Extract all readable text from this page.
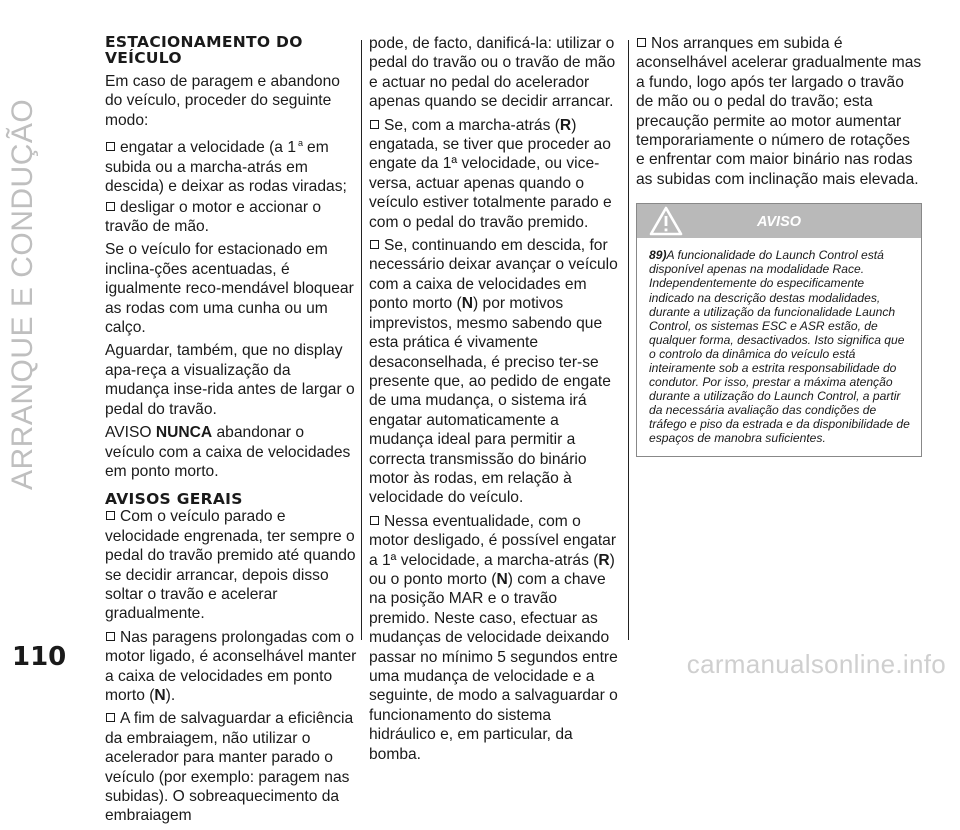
ARRANQUE E CONDUÇÃO
ESTACIONAMENTO DO
VEÍCULO

Em caso de paragem e abandono do veículo, proceder do seguinte modo:

engatar a velocidade (a 1 $^a$ em subida ou a marcha-atrás em descida) e deixar as rodas viradas;

desligar o motor e accionar o travão de mão.

Se o veículo for estacionado em inclina-ções acentuadas, é igualmente reco-mendável bloquear as rodas com uma cunha ou um calço.

Aguardar, também, que no display apa-reça a visualização da mudança inse-rida antes de largar o pedal do travão.

AVISO NUNCA abandonar o veículo com a caixa de velocidades em ponto morto.

AVISOS GERAIS

Com o veículo parado e velocidade engrenada, ter sempre o pedal do travão premido até quando se decidir arrancar, depois disso soltar o travão e acelerar gradualmente.

Nas paragens prolongadas com o motor ligado, é aconselhável manter a caixa de velocidades em ponto morto (N).

A fim de salvaguardar a eficiência da embraiagem, não utilizar o acelerador para manter parado o veículo (por exemplo: paragem nas subidas). O sobreaquecimento da embraiagem

pode, de facto, danificá-la: utilizar o pedal do travão ou o travão de mão e actuar no pedal do acelerador apenas quando se decidir arrancar.

Se, com a marcha-atrás (R) engatada, se tiver que proceder ao engate da 1ª velocidade, ou vice-versa, actuar apenas quando o veículo estiver totalmente parado e com o pedal do travão premido.

Se, continuando em descida, for necessário deixar avançar o veículo com a caixa de velocidades em ponto morto (N) por motivos imprevistos, mesmo sabendo que esta prática é vivamente desaconselhada, é preciso ter-se presente que, ao pedido de engate de uma mudança, o sistema irá engatar automaticamente a mudança ideal para permitir a correcta transmissão do binário motor às rodas, em relação à velocidade do veículo.

Nessa eventualidade, com o motor desligado, é possível engatar a 1ª velocidade, a marcha-atrás (R) ou o ponto morto (N) com a chave na posição MAR e o travão premido. Neste caso, efectuar as mudanças de velocidade deixando passar no mínimo 5 segundos entre uma mudança de velocidade e a seguinte, de modo a salvaguardar o funcionamento do sistema hidráulico e, em particular, da bomba.

Nos arranques em subida é aconselhável acelerar gradualmente mas a fundo, logo após ter largado o travão de mão ou o pedal do travão; esta precaução permite ao motor aumentar temporariamente o número de rotações e enfrentar com maior binário nas rodas as subidas com inclinação mais elevada.

AVISO
89)A funcionalidade do Launch Control está disponível apenas na modalidade Race. Independentemente do especificamente indicado na descrição destas modalidades, durante a utilização da funcionalidade Launch Control, os sistemas ESC e ASR estão, de qualquer forma, desactivados. Isto significa que o controlo da dinâmica do veículo está inteiramente sob a estrita responsabilidade do condutor. Por isso, prestar a máxima atenção durante a utilização do Launch Control, a partir da necessária avaliação das condições de tráfego e piso da estrada e da disponibilidade de espaços de manobra suficientes.
110	carmanualsonline.info
